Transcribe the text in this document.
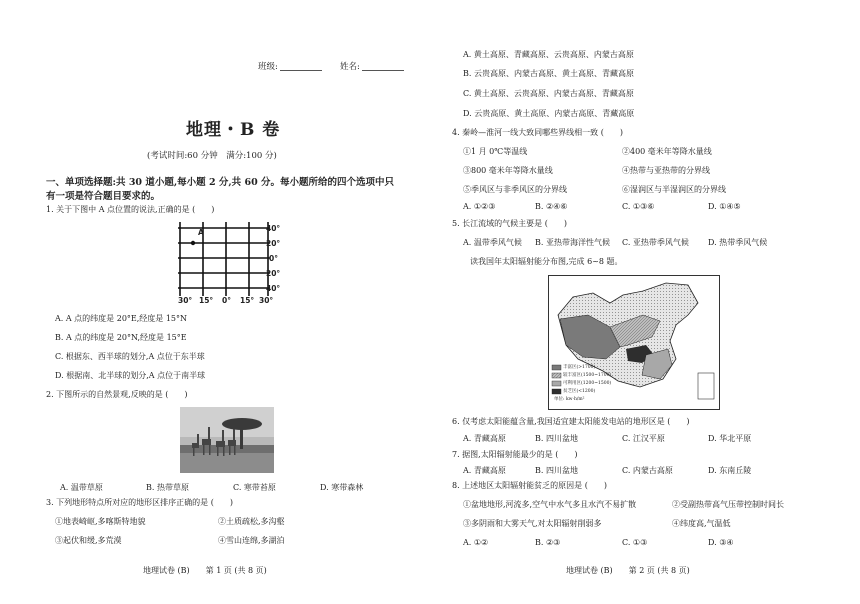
班级:	姓名:
地理・B 卷
(考试时间:60 分钟　满分:100 分)
一、单项选择题:共 30 道小题,每小题 2 分,共 60 分。每小题所给的四个选项中只
有一项是符合题目要求的。
1. 关于下图中 A 点位置的说法,正确的是 (　　)
A	40°
20°
0°
20°
40°
30° 15° 0° 15° 30°
A. A 点的纬度是 20°E,经度是 15°N
B. A 点的纬度是 20°N,经度是 15°E
C. 根据东、西半球的划分,A 点位于东半球
D. 根据南、北半球的划分,A 点位于南半球
2. 下图所示的自然景观,反映的是 (　　)
A. 温带草原	B. 热带草原	C. 寒带苔原	D. 寒带森林
3. 下列地形特点所对应的地形区排序正确的是 (　　)
①地表崎岖,多喀斯特地貌	②土质疏松,多沟壑
③起伏和缓,多荒漠	④雪山连绵,多湖泊
地理试卷 (B)　　第 1 页 (共 8 页)
A. 黄土高原、青藏高原、云贵高原、内蒙古高原
B. 云贵高原、内蒙古高原、黄土高原、青藏高原
C. 黄土高原、云贵高原、内蒙古高原、青藏高原
D. 云贵高原、黄土高原、内蒙古高原、青藏高原
4. 秦岭—淮河一线大致同哪些界线相一致 (　　)
①1 月 0℃等温线	②400 毫米年等降水量线
③800 毫米年等降水量线	④热带与亚热带的分界线
⑤季风区与非季风区的分界线	⑥湿润区与半湿润区的分界线
A. ①②③	B. ②④⑥	C. ①③⑥	D. ①④⑤
5. 长江流域的气候主要是 (　　)
A. 温带季风气候 B. 亚热带海洋性气候 C. 亚热带季风气候 D. 热带季风气候
读我国年太阳辐射能分布图,完成 6~8 题。
丰富区(>1700)
较丰富区(1500~1700)
可利用区(1200~1500)
贫乏区(<1200)
单位: kw·h/m²
6. 仅考虑太阳能蕴含量,我国适宜建太阳能发电站的地形区是 (　　)
A. 青藏高原	B. 四川盆地	C. 江汉平原	D. 华北平原
7. 据图,太阳辐射能最少的是 (　　)
A. 青藏高原	B. 四川盆地	C. 内蒙古高原	D. 东南丘陵
8. 上述地区太阳辐射能贫乏的原因是 (　　)
①盆地地形,河流多,空气中水气多且水汽不易扩散	②受副热带高气压带控制时间长
③多阴雨和大雾天气,对太阳辐射削弱多	④纬度高,气温低
A. ①②	B. ②③	C. ①③	D. ③④
地理试卷 (B)　　第 2 页 (共 8 页)
